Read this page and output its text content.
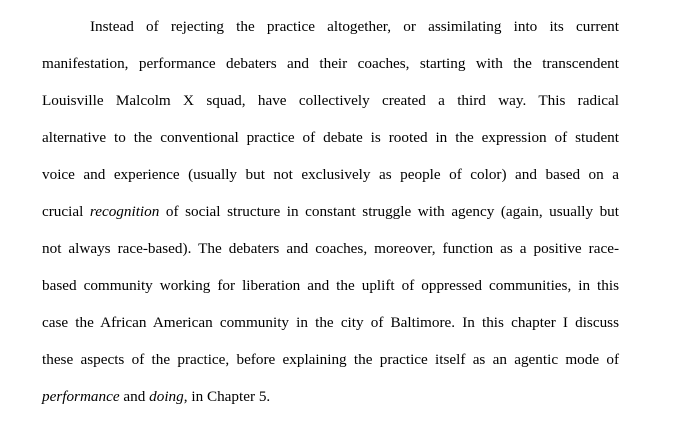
Instead of rejecting the practice altogether, or assimilating into its current
manifestation, performance debaters and their coaches, starting with the transcendent
Louisville Malcolm X squad, have collectively created a third way. This radical
alternative to the conventional practice of debate is rooted in the expression of student
voice and experience (usually but not exclusively as people of color) and based on a
crucial recognition of social structure in constant struggle with agency (again, usually but
not always race-based). The debaters and coaches, moreover, function as a positive race-
based community working for liberation and the uplift of oppressed communities, in this
case the African American community in the city of Baltimore. In this chapter I discuss
these aspects of the practice, before explaining the practice itself as an agentic mode of
performance and doing, in Chapter 5.
